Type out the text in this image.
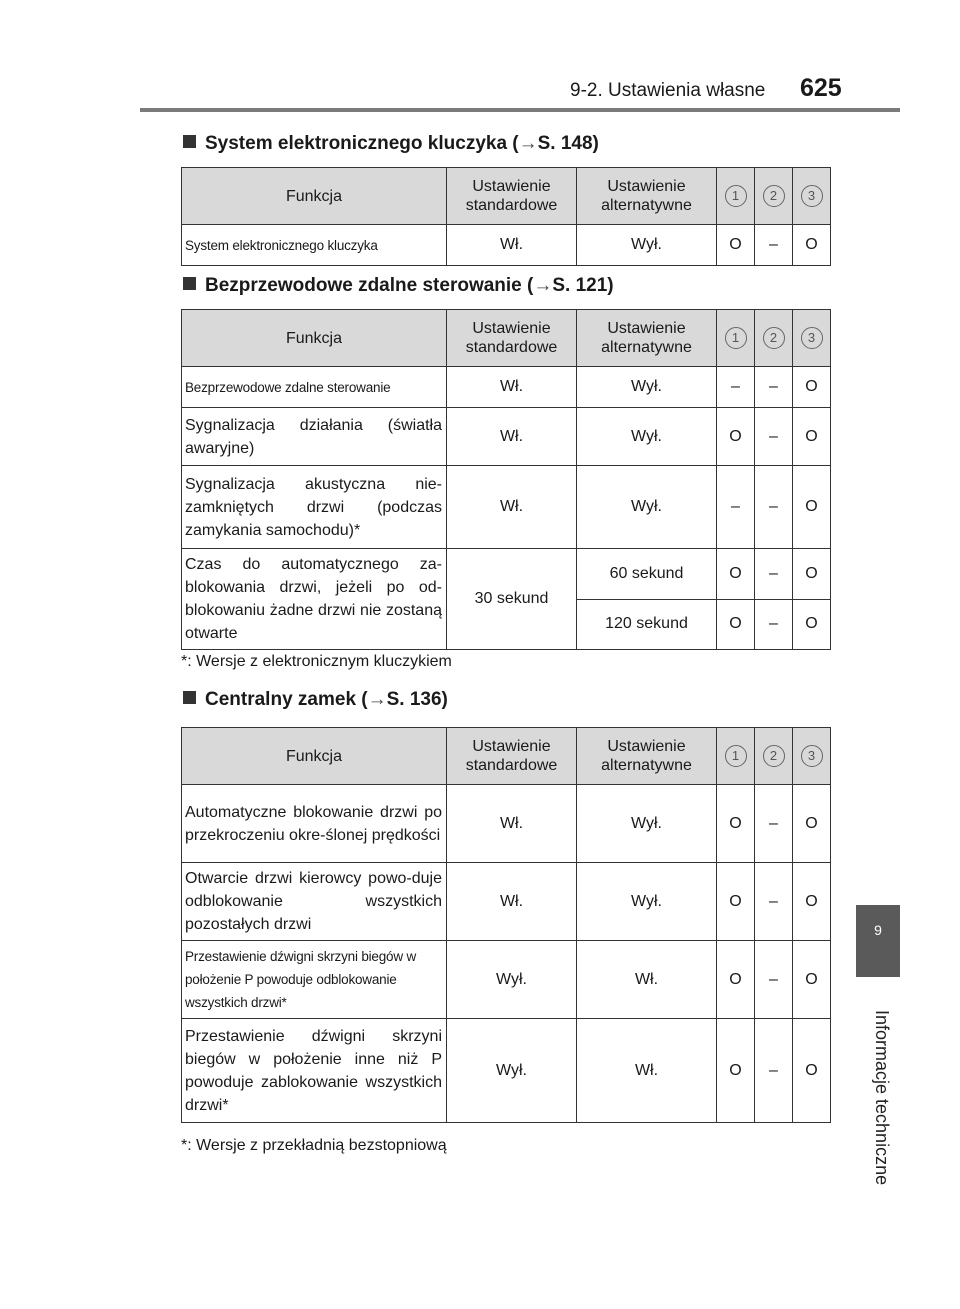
9-2. Ustawienia własne 625
9
Informacje techniczne
System elektronicznego kluczyka (→S. 148)
Funkcja	Ustawienie standardowe	Ustawienie alternatywne	1	2	3
System elektronicznego kluczyka	Wł.	Wył.	O	–	O
Bezprzewodowe zdalne sterowanie (→S. 121)
Funkcja	Ustawienie standardowe	Ustawienie alternatywne	1	2	3
Bezprzewodowe zdalne sterowanie	Wł.	Wył.	–	–	O
Sygnalizacja działania (światła awaryjne)	Wł.	Wył.	O	–	O
Sygnalizacja akustyczna nie-zamkniętych drzwi (podczas zamykania samochodu)*	Wł.	Wył.	–	–	O
Czas do automatycznego za-blokowania drzwi, jeżeli po od-blokowaniu żadne drzwi nie zostaną otwarte	30 sekund	60 sekund	O	–	O
		120 sekund	O	–	O
*: Wersje z elektronicznym kluczykiem
Centralny zamek (→S. 136)
Funkcja	Ustawienie standardowe	Ustawienie alternatywne	1	2	3
Automatyczne blokowanie drzwi po przekroczeniu okre-ślonej prędkości	Wł.	Wył.	O	–	O
Otwarcie drzwi kierowcy powo-duje odblokowanie wszystkich pozostałych drzwi	Wł.	Wył.	O	–	O
Przestawienie dźwigni skrzyni biegów w położenie P powoduje odblokowanie wszystkich drzwi*	Wył.	Wł.	O	–	O
Przestawienie dźwigni skrzyni biegów w położenie inne niż P powoduje zablokowanie wszystkich drzwi*	Wył.	Wł.	O	–	O
*: Wersje z przekładnią bezstopniową
